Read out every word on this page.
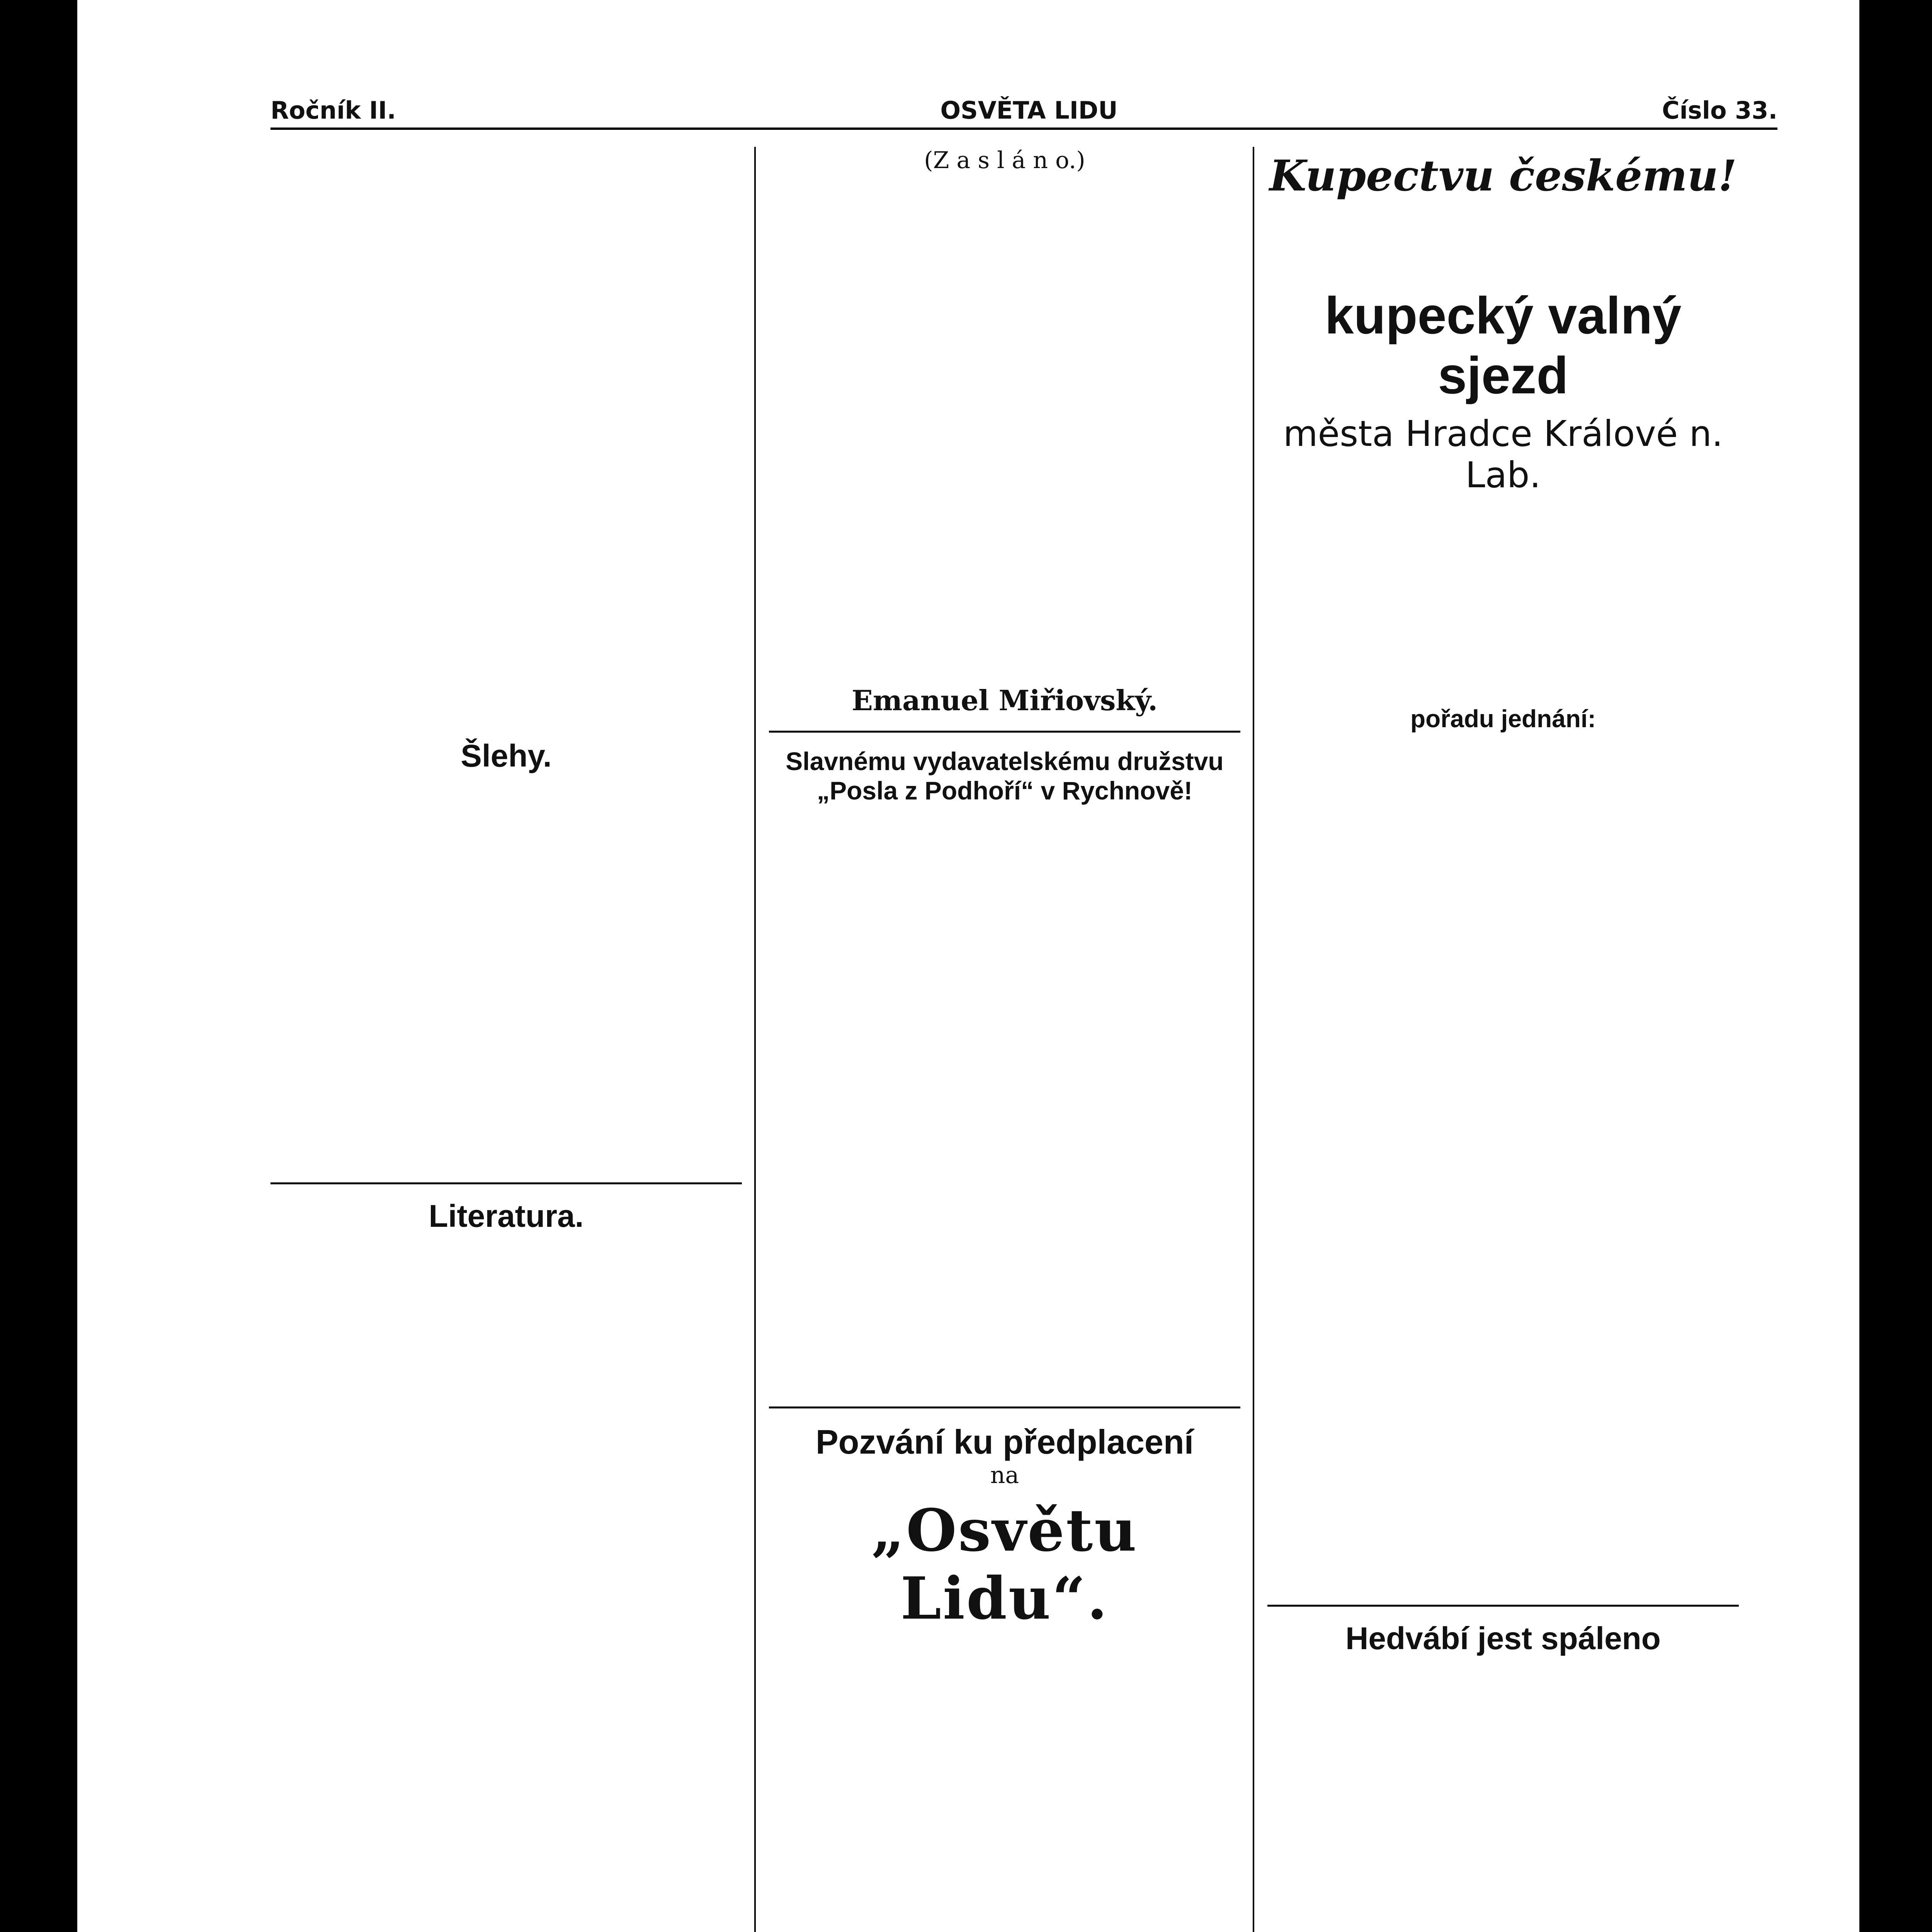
Ročník II.	OSVĚTA LIDU	Číslo 33.
Šlehy.
Literatura.
(Z a s l á n o.)
Emanuel Miřiovský.
Slavnému vydavatelskému družstvu „Posla z Podhoří“ v Rychnově!
Pozvání ku předplacení
na
„Osvětu Lidu“.
Kupectvu českému!
kupecký valný sjezd
města Hradce Králové n. Lab.
pořadu jednání:
Hedvábí jest spáleno
